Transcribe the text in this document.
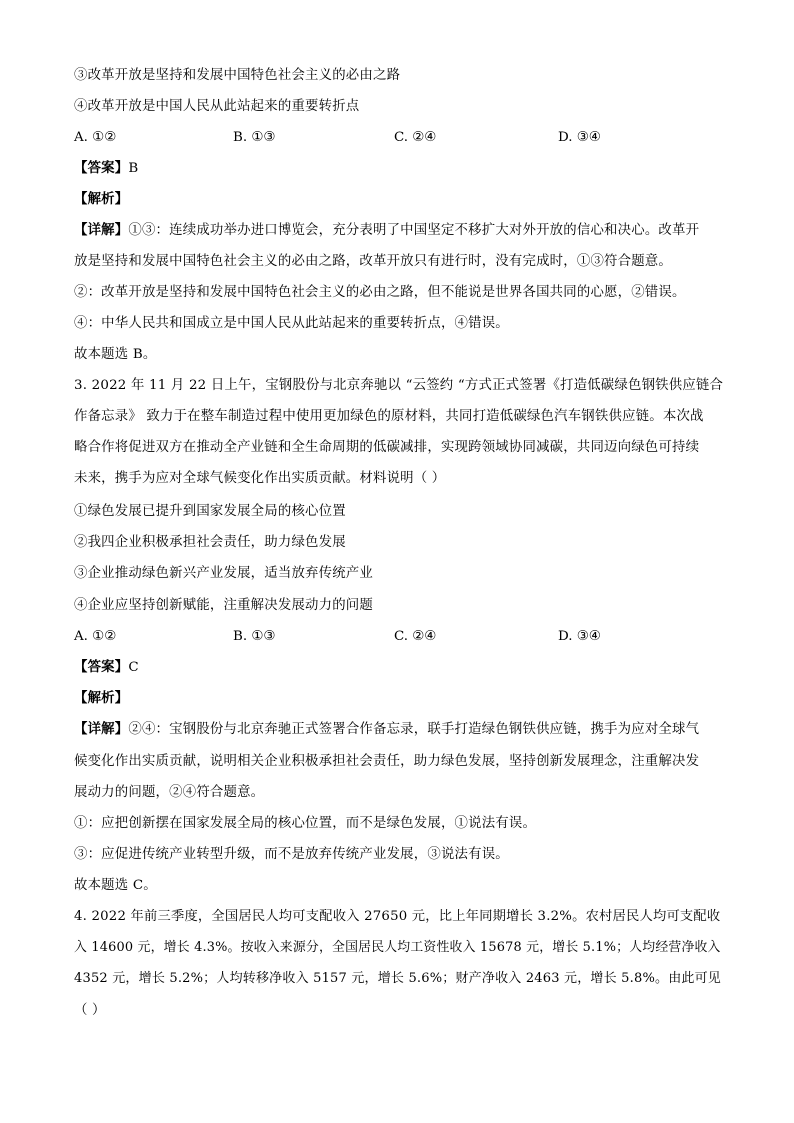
③改革开放是坚持和发展中国特色社会主义的必由之路
④改革开放是中国人民从此站起来的重要转折点
A. ①②	B. ①③	C. ②④	D. ③④
【答案】B
【解析】
【详解】①③：连续成功举办进口博览会，充分表明了中国坚定不移扩大对外开放的信心和决心。改革开
放是坚持和发展中国特色社会主义的必由之路，改革开放只有进行时，没有完成时，①③符合题意。
②：改革开放是坚持和发展中国特色社会主义的必由之路，但不能说是世界各国共同的心愿，②错误。
④：中华人民共和国成立是中国人民从此站起来的重要转折点，④错误。
故本题选 B。
3. 2022 年 11 月 22 日上午，宝钢股份与北京奔驰以 “云签约 “方式正式签署《打造低碳绿色钢铁供应链合
作备忘录》 致力于在整车制造过程中使用更加绿色的原材料，共同打造低碳绿色汽车钢铁供应链。本次战
略合作将促进双方在推动全产业链和全生命周期的低碳减排，实现跨领域协同减碳，共同迈向绿色可持续
未来，携手为应对全球气候变化作出实质贡献。材料说明（ ）
①绿色发展已提升到国家发展全局的核心位置
②我四企业积极承担社会责任，助力绿色发展
③企业推动绿色新兴产业发展，适当放弃传统产业
④企业应坚持创新赋能，注重解决发展动力的问题
A. ①②	B. ①③	C. ②④	D. ③④
【答案】C
【解析】
【详解】②④：宝钢股份与北京奔驰正式签署合作备忘录，联手打造绿色钢铁供应链，携手为应对全球气
候变化作出实质贡献，说明相关企业积极承担社会责任，助力绿色发展，坚持创新发展理念，注重解决发
展动力的问题，②④符合题意。
①：应把创新摆在国家发展全局的核心位置，而不是绿色发展，①说法有误。
③：应促进传统产业转型升级，而不是放弃传统产业发展，③说法有误。
故本题选 C。
4. 2022 年前三季度，全国居民人均可支配收入 27650 元，比上年同期增长 3.2%。农村居民人均可支配收
入 14600 元，增长 4.3%。按收入来源分，全国居民人均工资性收入 15678 元，增长 5.1%；人均经营净收入
4352 元，增长 5.2%；人均转移净收入 5157 元，增长 5.6%；财产净收入 2463 元，增长 5.8%。由此可见
（ ）
